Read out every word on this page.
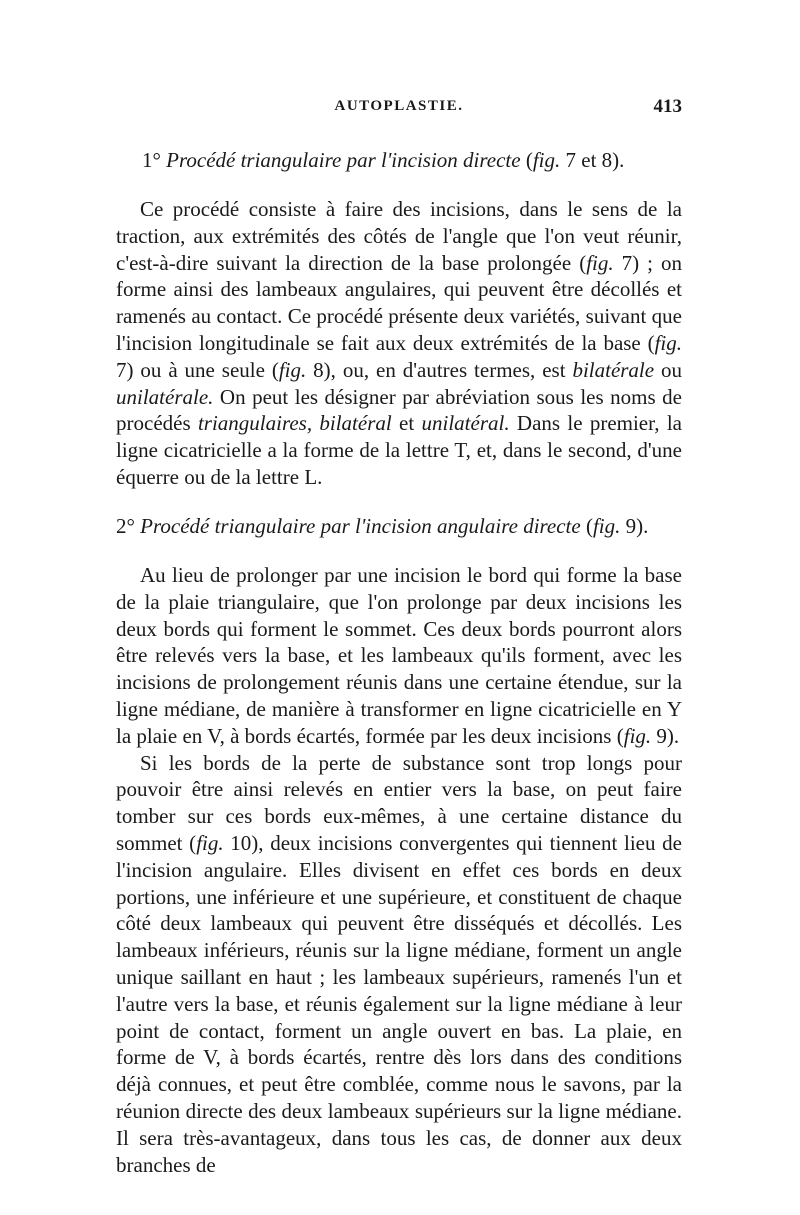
AUTOPLASTIE.	413
1° Procédé triangulaire par l'incision directe (fig. 7 et 8).

Ce procédé consiste à faire des incisions, dans le sens de la traction, aux extrémités des côtés de l'angle que l'on veut réunir, c'est-à-dire suivant la direction de la base prolongée (fig. 7) ; on forme ainsi des lambeaux angulaires, qui peuvent être décollés et ramenés au contact. Ce procédé présente deux variétés, suivant que l'incision longitudinale se fait aux deux extrémités de la base (fig. 7) ou à une seule (fig. 8), ou, en d'autres termes, est bilatérale ou unilatérale. On peut les désigner par abréviation sous les noms de procédés triangulaires, bilatéral et unilatéral. Dans le premier, la ligne cicatricielle a la forme de la lettre T, et, dans le second, d'une équerre ou de la lettre L.

2° Procédé triangulaire par l'incision angulaire directe (fig. 9).

Au lieu de prolonger par une incision le bord qui forme la base de la plaie triangulaire, que l'on prolonge par deux incisions les deux bords qui forment le sommet. Ces deux bords pourront alors être relevés vers la base, et les lambeaux qu'ils forment, avec les incisions de prolongement réunis dans une certaine étendue, sur la ligne médiane, de manière à transformer en ligne cicatricielle en Y la plaie en V, à bords écartés, formée par les deux incisions (fig. 9).

Si les bords de la perte de substance sont trop longs pour pouvoir être ainsi relevés en entier vers la base, on peut faire tomber sur ces bords eux-mêmes, à une certaine distance du sommet (fig. 10), deux incisions convergentes qui tiennent lieu de l'incision angulaire. Elles divisent en effet ces bords en deux portions, une inférieure et une supérieure, et constituent de chaque côté deux lambeaux qui peuvent être disséqués et décollés. Les lambeaux inférieurs, réunis sur la ligne médiane, forment un angle unique saillant en haut ; les lambeaux supérieurs, ramenés l'un et l'autre vers la base, et réunis également sur la ligne médiane à leur point de contact, forment un angle ouvert en bas. La plaie, en forme de V, à bords écartés, rentre dès lors dans des conditions déjà connues, et peut être comblée, comme nous le savons, par la réunion directe des deux lambeaux supérieurs sur la ligne médiane. Il sera très-avantageux, dans tous les cas, de donner aux deux branches de
